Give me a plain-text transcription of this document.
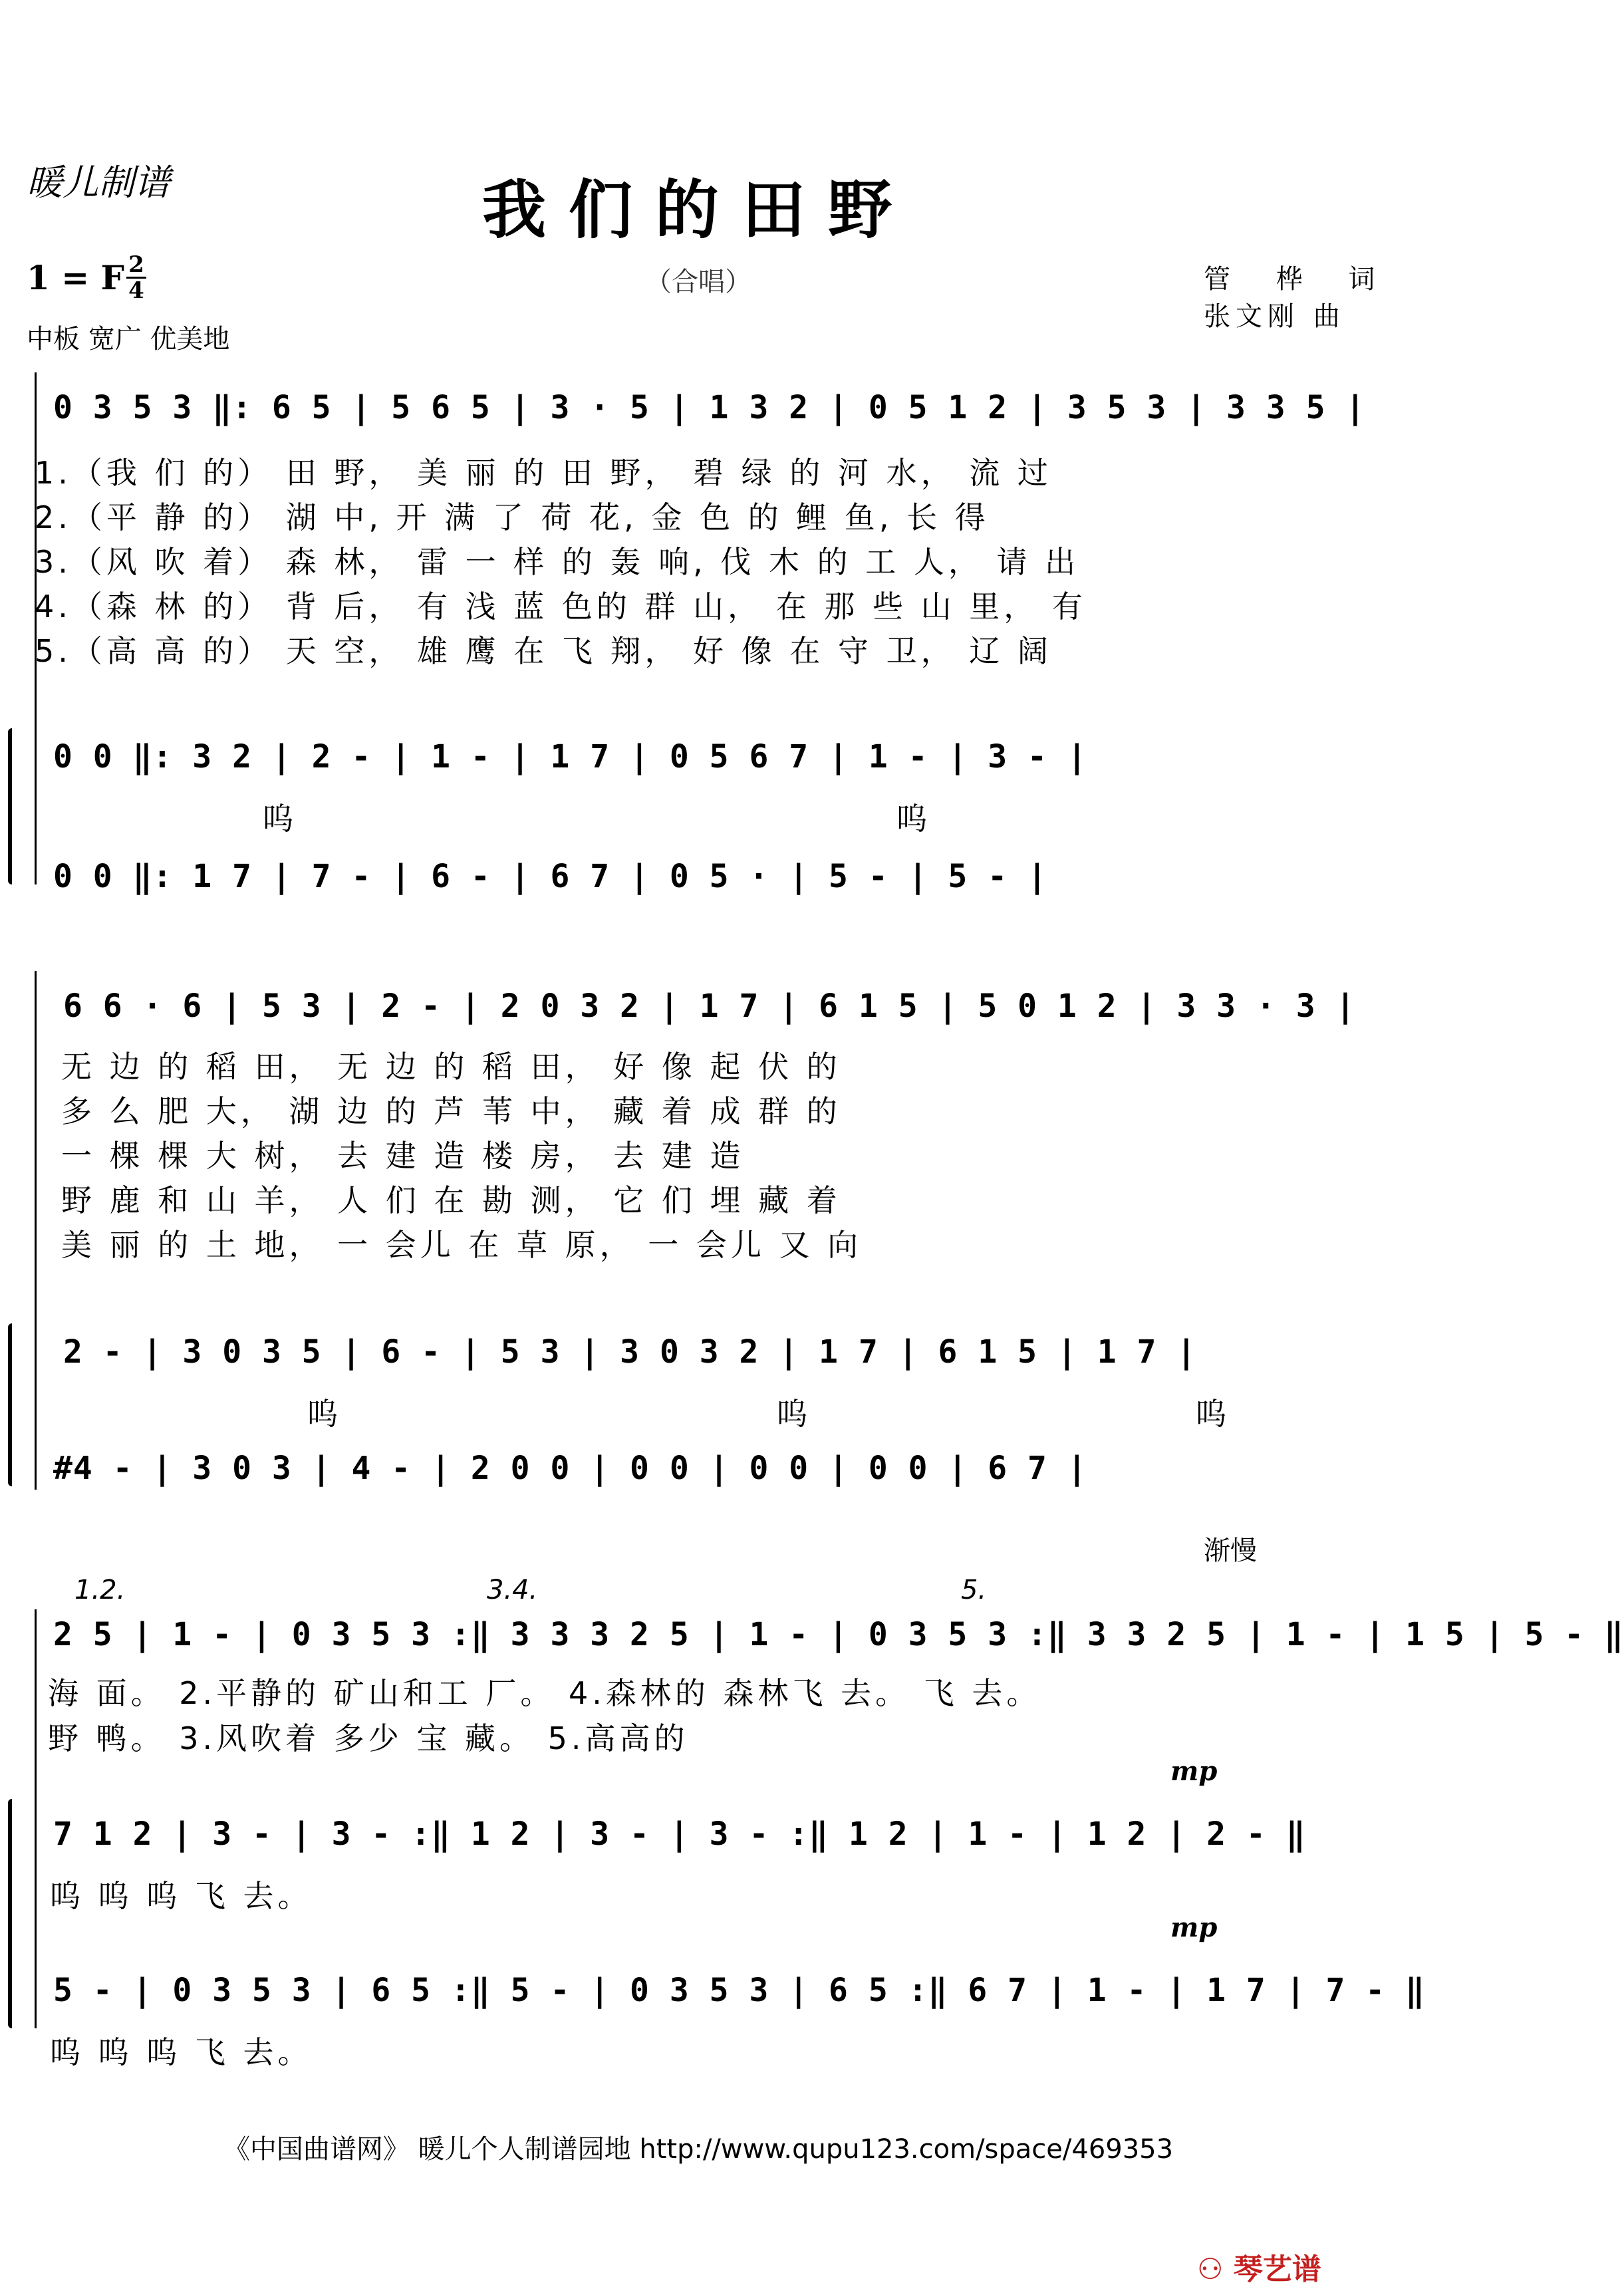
暖儿制谱	我们的田野
1 = F 2
4	（合唱）	管 桦 词
张文刚 曲
中板 宽广 优美地
0 3 5 3 ‖: 6 5 | 5 6 5 | 3 · 5 | 1 3 2 | 0 5 1 2 | 3 5 3 | 3 3 5 |
1.（我 们 的） 田 野， 美 丽 的 田 野， 碧 绿 的 河 水， 流 过
2.（平 静 的） 湖 中, 开 满 了 荷 花, 金 色 的 鲤 鱼, 长 得
3.（风 吹 着） 森 林， 雷 一 样 的 轰 响, 伐 木 的 工 人， 请 出
4.（森 林 的） 背 后， 有 浅 蓝 色的 群 山， 在 那 些 山 里， 有
5.（高 高 的） 天 空， 雄 鹰 在 飞 翔， 好 像 在 守 卫， 辽 阔
0 0 ‖: 3 2 | 2 - | 1 - | 1 7 | 0 5 6 7 | 1 - | 3 - |
呜	呜
0 0 ‖: 1 7 | 7 - | 6 - | 6 7 | 0 5 · | 5 - | 5 - |
6 6 · 6 | 5 3 | 2 - | 2 0 3 2 | 1 7 | 6 1 5 | 5 0 1 2 | 3 3 · 3 |
无 边 的 稻 田， 无 边 的 稻 田， 好 像 起 伏 的
多 么 肥 大， 湖 边 的 芦 苇 中， 藏 着 成 群 的
一 棵 棵 大 树， 去 建 造 楼 房， 去 建 造
野 鹿 和 山 羊， 人 们 在 勘 测， 它 们 埋 藏 着
美 丽 的 土 地， 一 会儿 在 草 原， 一 会儿 又 向
2 - | 3 0 3 5 | 6 - | 5 3 | 3 0 3 2 | 1 7 | 6 1 5 | 1 7 |
呜	呜	呜
#4 - | 3 0 3 | 4 - | 2 0 0 | 0 0 | 0 0 | 0 0 | 6 7 |
渐慢
1.2.	3.4.	5.
2 5 | 1 - | 0 3 5 3 :‖ 3 3 3 2 5 | 1 - | 0 3 5 3 :‖ 3 3 2 5 | 1 - | 1 5 | 5 - ‖
海 面。 2.平静的 矿山和工 厂。 4.森林的 森林飞 去。 飞 去。
野 鸭。 3.风吹着 多少 宝 藏。 5.高高的
mp
7 1 2 | 3 - | 3 - :‖ 1 2 | 3 - | 3 - :‖ 1 2 | 1 - | 1 2 | 2 - ‖
呜 呜 呜 飞 去。
mp
5 - | 0 3 5 3 | 6 5 :‖ 5 - | 0 3 5 3 | 6 5 :‖ 6 7 | 1 - | 1 7 | 7 - ‖
呜 呜 呜 飞 去。
《中国曲谱网》 暖儿个人制谱园地 http://www.qupu123.com/space/469353
⚇ 琴艺谱
